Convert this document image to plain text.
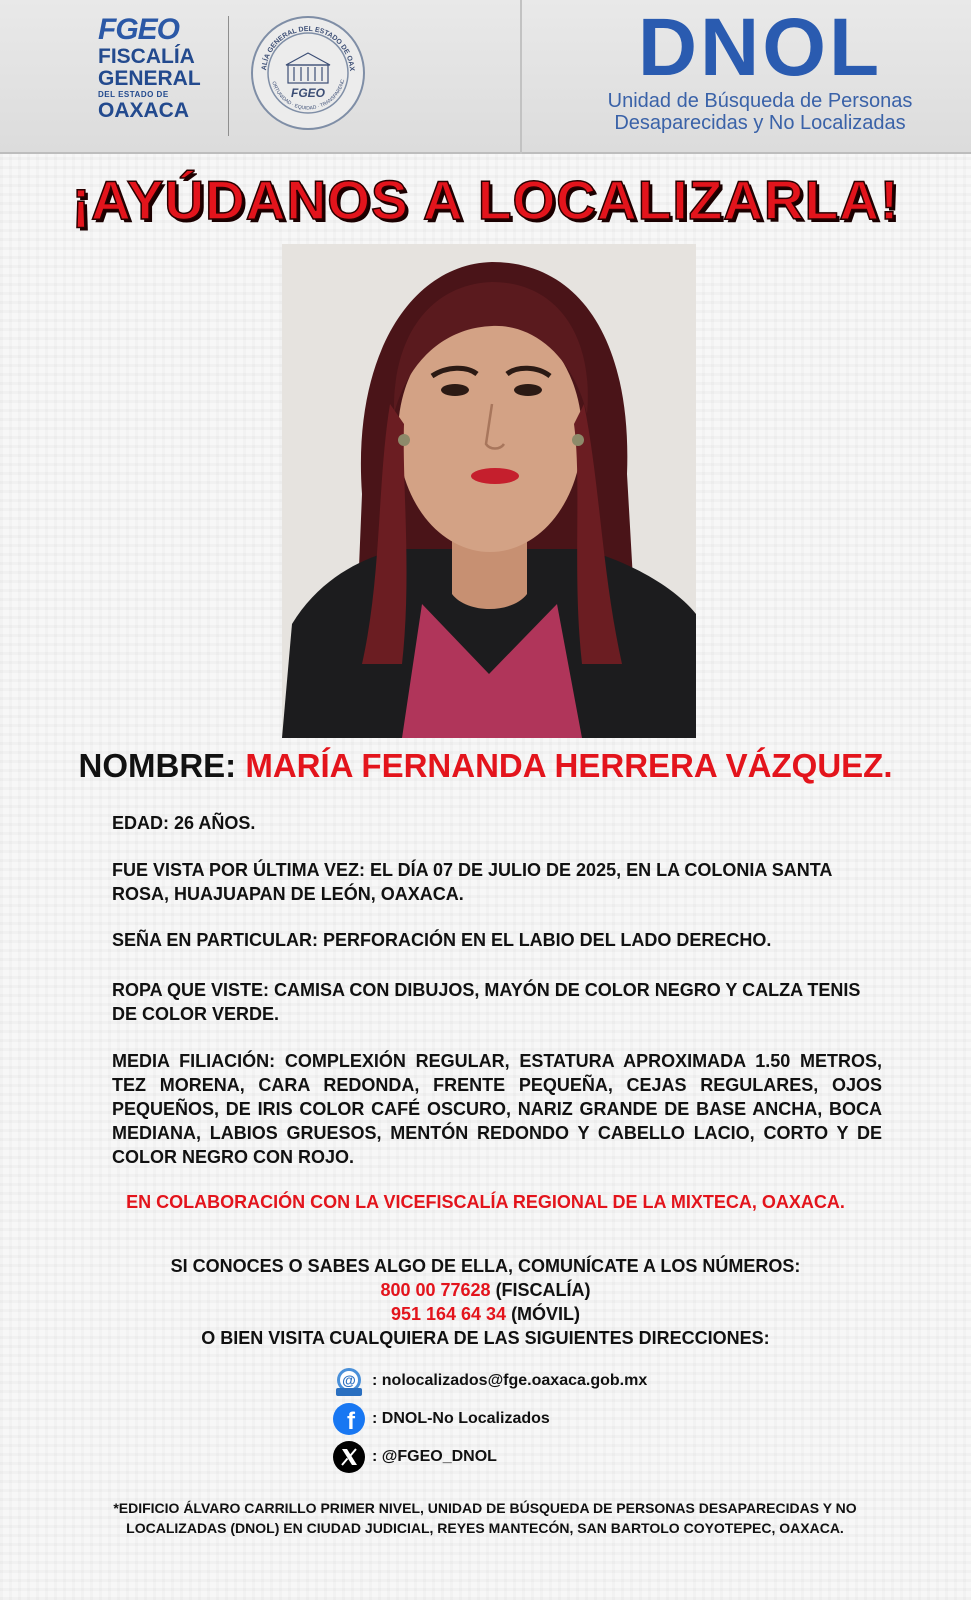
FGEO
FISCALÍA
GENERAL
DEL ESTADO DE
OAXACA
ALÍA GENERAL DEL ESTADO DE OAX
ORTUNIDAD · EQUIDAD · TRANSPARENC
FGEO	DNOL
Unidad de Búsqueda de Personas
Desaparecidas y No Localizadas
¡AYÚDANOS A LOCALIZARLA!
NOMBRE: MARÍA FERNANDA HERRERA VÁZQUEZ.
EDAD: 26 AÑOS.
FUE VISTA POR ÚLTIMA VEZ: EL DÍA 07 DE JULIO DE 2025, EN LA COLONIA SANTA ROSA, HUAJUAPAN DE LEÓN, OAXACA.
SEÑA EN PARTICULAR: PERFORACIÓN EN EL LABIO DEL LADO DERECHO.
ROPA QUE VISTE: CAMISA CON DIBUJOS, MAYÓN DE COLOR NEGRO Y CALZA TENIS DE COLOR VERDE.
MEDIA FILIACIÓN: COMPLEXIÓN REGULAR, ESTATURA APROXIMADA 1.50 METROS, TEZ MORENA, CARA REDONDA, FRENTE PEQUEÑA, CEJAS REGULARES, OJOS PEQUEÑOS, DE IRIS COLOR CAFÉ OSCURO, NARIZ GRANDE DE BASE ANCHA, BOCA MEDIANA, LABIOS GRUESOS, MENTÓN REDONDO Y CABELLO LACIO, CORTO Y DE COLOR NEGRO CON ROJO.
EN COLABORACIÓN CON LA VICEFISCALÍA REGIONAL DE LA MIXTECA, OAXACA.
SI CONOCES O SABES ALGO DE ELLA, COMUNÍCATE A LOS NÚMEROS:
800 00 77628 (FISCALÍA)
951 164 64 34 (MÓVIL)
O BIEN VISITA CUALQUIERA DE LAS SIGUIENTES DIRECCIONES:
@ : nolocalizados@fge.oaxaca.gob.mx
f : DNOL-No Localizados
: @FGEO_DNOL
*EDIFICIO ÁLVARO CARRILLO PRIMER NIVEL, UNIDAD DE BÚSQUEDA DE PERSONAS DESAPARECIDAS Y NO LOCALIZADAS (DNOL) EN CIUDAD JUDICIAL, REYES MANTECÓN, SAN BARTOLO COYOTEPEC, OAXACA.
